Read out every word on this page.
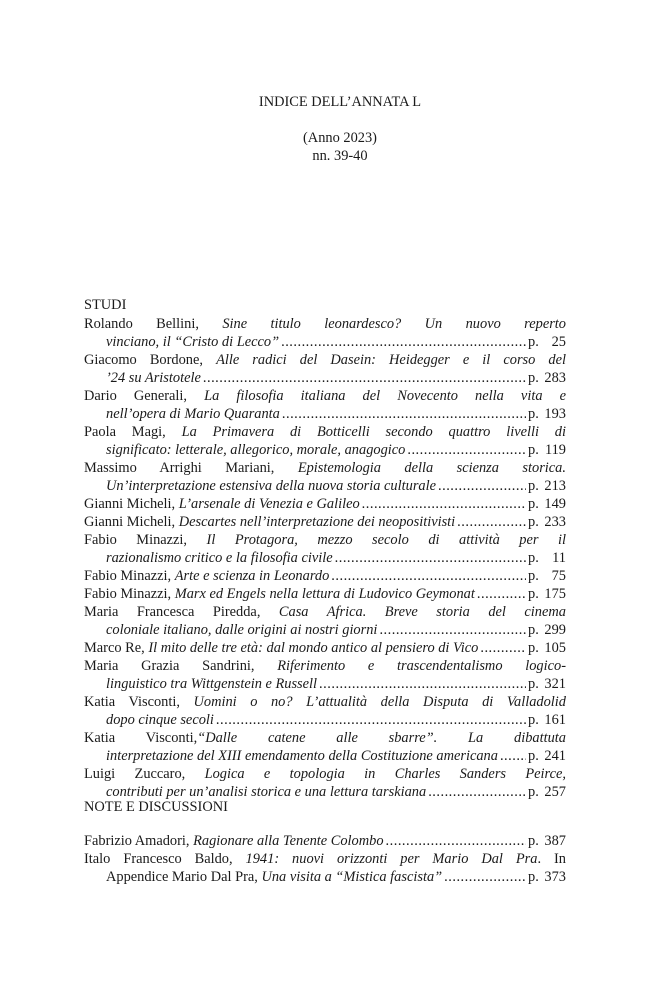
INDICE DELL’ANNATA L
(Anno 2023)
nn. 39-40
STUDI
Rolando Bellini, Sine titulo leonardesco? Un nuovo reperto
vinciano, il “Cristo di Lecco” .....	p. 25
Giacomo Bordone, Alle radici del Dasein: Heidegger e il corso del
’24 su Aristotele .....	p. 283
Dario Generali, La filosofia italiana del Novecento nella vita e
nell’opera di Mario Quaranta .....	p. 193
Paola Magi, La Primavera di Botticelli secondo quattro livelli di
significato: letterale, allegorico, morale, anagogico .....	p. 119
Massimo Arrighi Mariani, Epistemologia della scienza storica.
Un’interpretazione estensiva della nuova storia culturale .....	p. 213
Gianni Micheli, L’arsenale di Venezia e Galileo .....	p. 149
Gianni Micheli, Descartes nell’interpretazione dei neopositivisti .....	p. 233
Fabio Minazzi, Il Protagora, mezzo secolo di attività per il
razionalismo critico e la filosofia civile .....	p. 11
Fabio Minazzi, Arte e scienza in Leonardo .....	p. 75
Fabio Minazzi, Marx ed Engels nella lettura di Ludovico Geymonat .....	p. 175
Maria Francesca Piredda, Casa Africa. Breve storia del cinema
coloniale italiano, dalle origini ai nostri giorni .....	p. 299
Marco Re, Il mito delle tre età: dal mondo antico al pensiero di Vico .....	p. 105
Maria Grazia Sandrini, Riferimento e trascendentalismo logico-
linguistico tra Wittgenstein e Russell .....	p. 321
Katia Visconti, Uomini o no? L’attualità della Disputa di Valladolid
dopo cinque secoli .....	p. 161
Katia Visconti,“Dalle catene alle sbarre”. La dibattuta
interpretazione del XIII emendamento della Costituzione americana ..... p. 241
Luigi Zuccaro, Logica e topologia in Charles Sanders Peirce,
contributi per un’analisi storica e una lettura tarskiana .....	p. 257
NOTE E DISCUSSIONI
Fabrizio Amadori, Ragionare alla Tenente Colombo .....	p. 387
Italo Francesco Baldo, 1941: nuovi orizzonti per Mario Dal Pra. In
Appendice Mario Dal Pra, Una visita a “Mistica fascista” .....	p. 373
